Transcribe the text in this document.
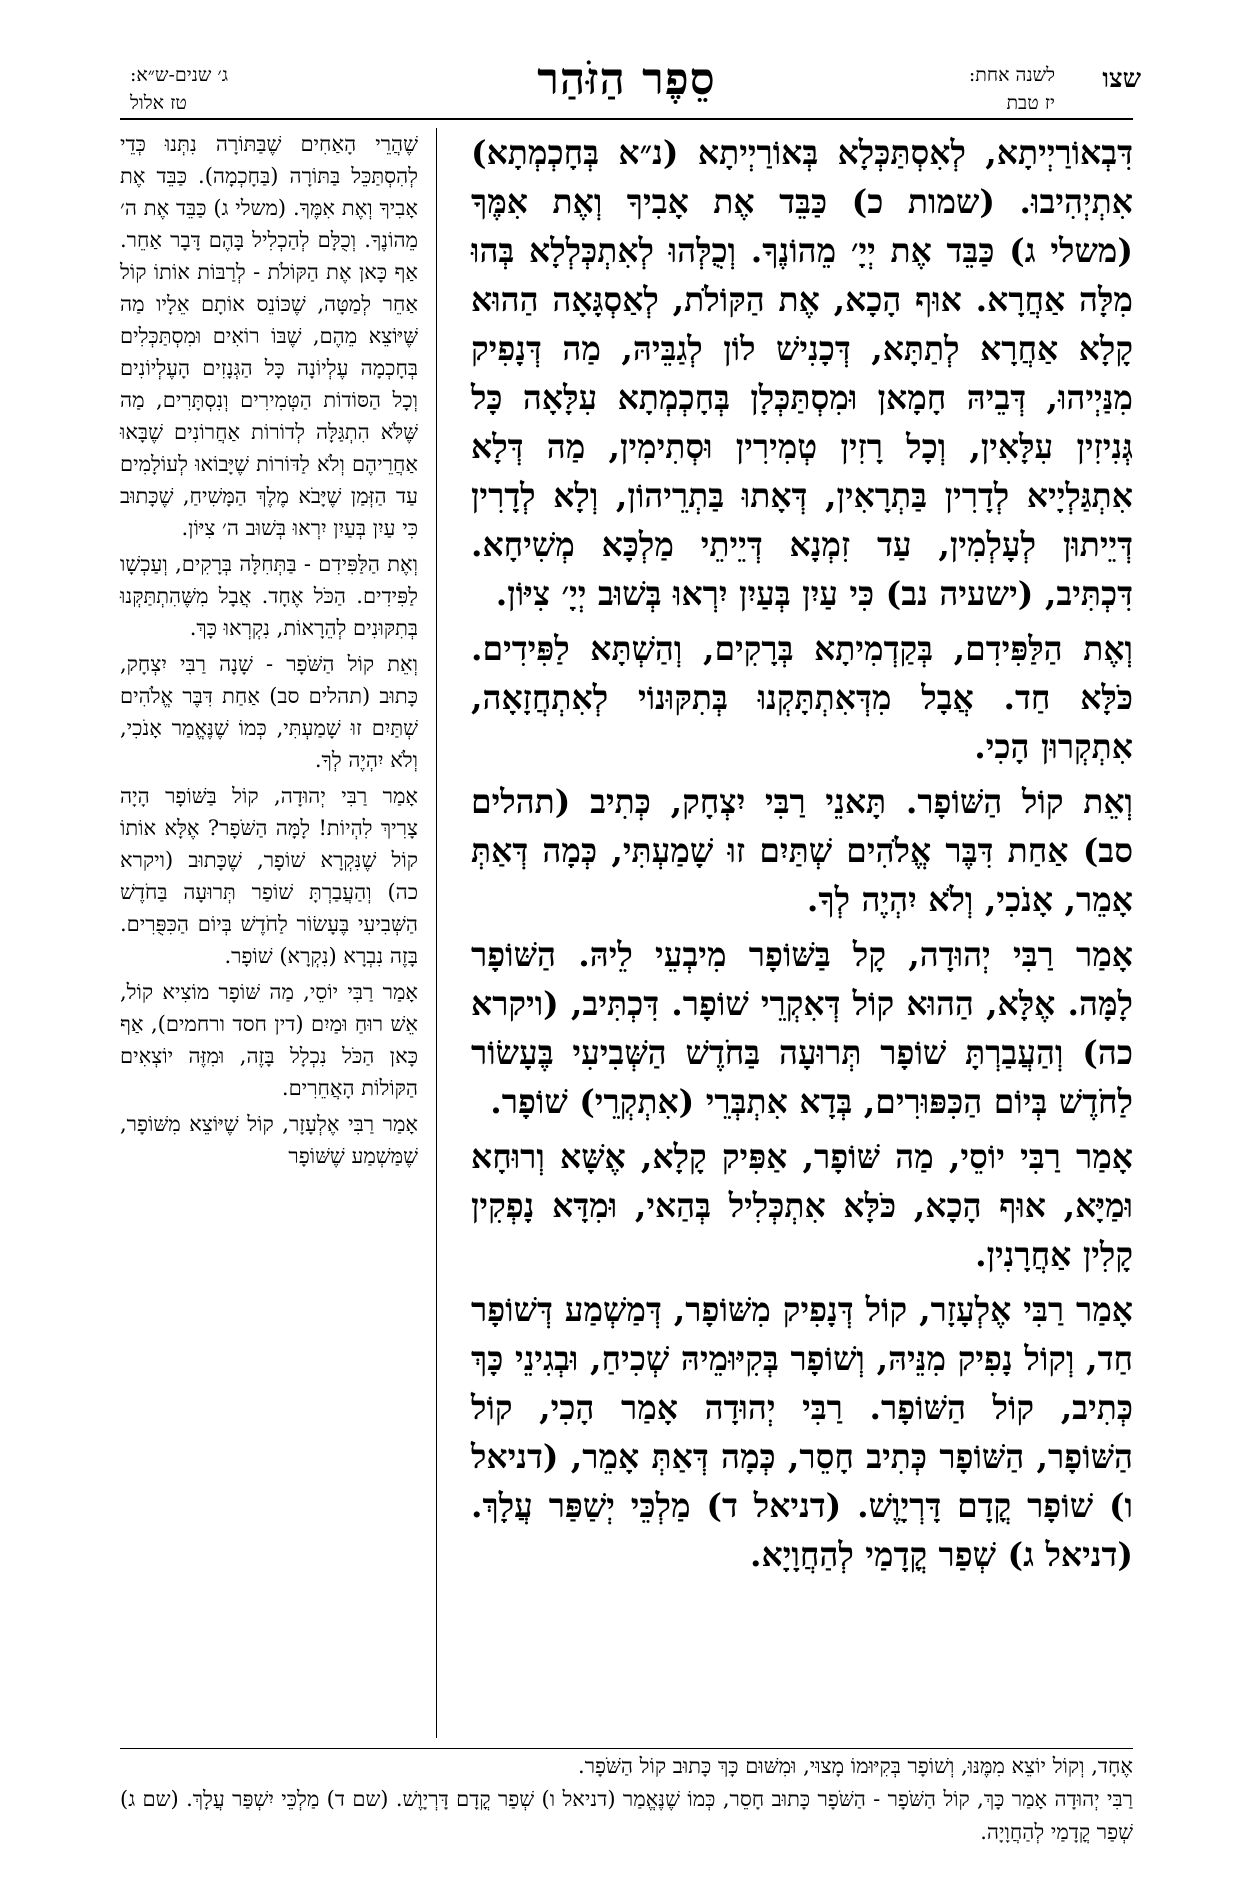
שצו
לשנה אחת:
יז טבת
סֵפֶר הַזֹּהַר
ג׳ שנים-ש״א:
טז אלול

דִּבְאוֹרַיְיתָא, לְאִסְתַּכְּלָא בְּאוֹרַיְיתָא (נ״א בְּחָכְמְתָא) אִתְיְהִיבוּ. (שמות כ) כַּבֵּד אֶת אָבִיךָ וְאֶת אִמֶּךָ (משלי ג) כַּבֵּד אֶת יְיָ׳ מֵהוֹנֶךָ. וְכֻלְּהוּ לְאִתְכְּלְלָא בְּהוּ מִלָּה אַחֲרָא. אוּף הָכָא, אֶת הַקּוֹלֹת, לְאַסְגָּאָה הַהוּא קָלָא אַחֲרָא לְתַתָּא, דְּכָנִישׁ לוֹן לְגַבֵּיהּ, מַה דְּנָפִיק מִנַּיְיהוּ, דְּבֵיהּ חָמָאן וּמִסְתַּכְּלָן בְּחָכְמְתָא עִלָּאָה כָּל גְּנִיזִין עִלָּאִין, וְכָל רָזִין טְמִירִין וּסְתִימִין, מַה דְּלָא אִתְגַּלְיָיא לְדָרִין בַּתְרָאִין, דְּאָתוּ בַּתְרֵיהוֹן, וְלָא לְדָרִין דְּיֵיתוּן לְעָלְמִין, עַד זִמְנָא דְּיֵיתֵי מַלְכָּא מְשִׁיחָא. דִּכְתִּיב, (ישעיה נב) כִּי עַיִן בְּעַיִן יִרְאוּ בְּשׁוּב יְיָ׳ צִיּוֹן.

וְאֶת הַלַּפִּידִם, בְּקַדְמִיתָא בְּרָקִים, וְהַשְׁתָּא לַפִּידִים. כֹּלָּא חַד. אֲבָל מִדְּאִתְתָּקְנוּ בְּתִקּוּנוֹי לְאִתְחֲזָאָה, אִתְקְרוּן הָכִי.

וְאֵת קוֹל הַשּׁוֹפָר. תָּאנֵי רַבִּי יִצְחָק, כְּתִיב (תהלים סב) אַחַת דִּבֶּר אֱלֹהִים שְׁתַּיִם זוּ שָׁמַעְתִּי, כְּמָה דְּאַתְּ אָמֵר, אָנֹכִי, וְלֹא יִהְיֶה לְךָ.

אָמַר רַבִּי יְהוּדָה, קָל בַּשּׁוֹפָר מִיבְעֵי לֵיהּ. הַשּׁוֹפָר לָמָּה. אֶלָּא, הַהוּא קוֹל דְּאִקְרֵי שׁוֹפָר. דִּכְתִּיב, (ויקרא כה) וְהַעֲבַרְתָּ שׁוֹפָר תְּרוּעָה בַּחֹדֶשׁ הַשְּׁבִיעִי בֶּעָשׂוֹר לַחֹדֶשׁ בְּיוֹם הַכִּפּוּרִים, בְּדָא אִתְבְּרֵי (אִתְקְרֵי) שׁוֹפָר.

אָמַר רַבִּי יוֹסֵי, מַה שּׁוֹפָר, אַפִּיק קָלָא, אֶשָּׁא וְרוּחָא וּמַיָּא, אוּף הָכָא, כֹּלָּא אִתְכְּלִיל בְּהַאי, וּמִדָּא נָפְקִין קָלִין אַחֲרָנִין.

אָמַר רַבִּי אֶלְעָזָר, קוֹל דְּנָפִיק מִשּׁוֹפָר, דְּמַשְׁמַע דְּשׁוֹפָר חַד, וְקוֹל נָפִיק מִנֵּיהּ, וְשׁוֹפָר בְּקִיּוּמֵיהּ שְׁכִיחַ, וּבְגִינֵי כָּךְ כְּתִיב, קוֹל הַשּׁוֹפָר. רַבִּי יְהוּדָה אָמַר הָכִי, קוֹל הַשּׁוֹפָר, הַשּׁוֹפָר כְּתִיב חָסֵר, כְּמָה דְּאַתְּ אָמֵר, (דניאל ו) שׁוֹפָר קֳדָם דָּרְיָוֶשׁ. (דניאל ד) מַלְכֵּי יְשַׁפַּר עֲלָךְ. (דניאל ג) שְׁפַר קֳדָמַי לְהַחֲוָיָא.

שֶׁהֲרֵי הָאַחִים שֶׁבַּתּוֹרָה נִתְּנוּ כְּדֵי לְהִסְתַּכֵּל בַּתּוֹרָה (בַּחָכְמָה). כַּבֵּד אֶת אָבִיךָ וְאֶת אִמֶּךָ. (משלי ג) כַּבֵּד אֶת ה׳ מֵהוֹנֶךָ. וְכֻלָּם לְהַכְלִיל בָּהֶם דָּבָר אַחֵר. אַף כָּאן אֶת הַקּוֹלֹת - לְרַבּוֹת אוֹתוֹ קוֹל אַחֵר לְמַטָּה, שֶׁכּוֹנֵס אוֹתָם אֵלָיו מַה שֶּׁיּוֹצֵא מֵהֶם, שֶׁבּוֹ רוֹאִים וּמִסְתַּכְּלִים בְּחָכְמָה עֶלְיוֹנָה כָּל הַגְּנָזִים הָעֶלְיוֹנִים וְכָל הַסּוֹדוֹת הַטְּמִירִים וְנִסְתָּרִים, מַה שֶּׁלֹּא הִתְגַּלָּה לְדוֹרוֹת אַחֲרוֹנִים שֶׁבָּאוּ אַחֲרֵיהֶם וְלֹא לַדּוֹרוֹת שֶׁיָּבוֹאוּ לְעוֹלָמִים עַד הַזְּמַן שֶׁיָּבֹא מֶלֶךְ הַמָּשִׁיחַ, שֶׁכָּתוּב כִּי עַיִן בְּעַיִן יִרְאוּ בְּשׁוּב ה׳ צִיּוֹן.

וְאֶת הַלַּפִּידִם - בַּתְּחִלָּה בְּרָקִים, וְעַכְשָׁו לַפִּידִים. הַכֹּל אֶחָד. אֲבָל מִשֶּׁהִתְתַּקְּנוּ בְּתִקּוּנִים לְהֵרָאוֹת, נִקְרְאוּ כָּךְ.

וְאֵת קוֹל הַשֹּׁפָר - שָׁנָה רַבִּי יִצְחָק, כָּתוּב (תהלים סב) אַחַת דִּבֶּר אֱלֹהִים שְׁתַּיִם זוּ שָׁמַעְתִּי, כְּמוֹ שֶׁנֶּאֱמַר אָנֹכִי, וְלֹא יִהְיֶה לְךָ.

אָמַר רַבִּי יְהוּדָה, קוֹל בַּשּׁוֹפָר הָיָה צָרִיךְ לִהְיוֹת! לָמָּה הַשֹּׁפָר? אֶלָּא אוֹתוֹ קוֹל שֶׁנִּקְרָא שׁוֹפָר, שֶׁכָּתוּב (ויקרא כה) וְהַעֲבַרְתָּ שׁוֹפַר תְּרוּעָה בַּחֹדֶשׁ הַשְּׁבִיעִי בֶּעָשׂוֹר לַחֹדֶשׁ בְּיוֹם הַכִּפֻּרִים. בָּזֶה נִבְרָא (נִקְרָא) שׁוֹפָר.

אָמַר רַבִּי יוֹסֵי, מַה שּׁוֹפָר מוֹצִיא קוֹל, אֵשׁ רוּחַ וּמַיִם (דין חסד ורחמים), אַף כָּאן הַכֹּל נִכְלָל בָּזֶה, וּמִזֶּה יוֹצְאִים הַקּוֹלוֹת הָאֲחֵרִים.

אָמַר רַבִּי אֶלְעָזָר, קוֹל שֶׁיּוֹצֵא מִשּׁוֹפָר, שֶׁמַּשְׁמַע שֶׁשּׁוֹפָר

אֶחָד, וְקוֹל יוֹצֵא מִמֶּנּוּ, וְשׁוֹפָר בְּקִיּוּמוֹ מָצוּי, וּמִשּׁוּם כָּךְ כָּתוּב קוֹל הַשֹּׁפָר.

רַבִּי יְהוּדָה אָמַר כָּךְ, קוֹל הַשֹּׁפָר - הַשֹּׁפָר כָּתוּב חָסֵר, כְּמוֹ שֶׁנֶּאֱמַר (דניאל ו) שְׁפַר קֳדָם דָּרְיָוֶשׁ. (שם ד) מַלְכֵּי יִשְׁפַּר עֲלָךְ. (שם ג) שְׁפַר קֳדָמַי לְהַחֲוָיָה.
